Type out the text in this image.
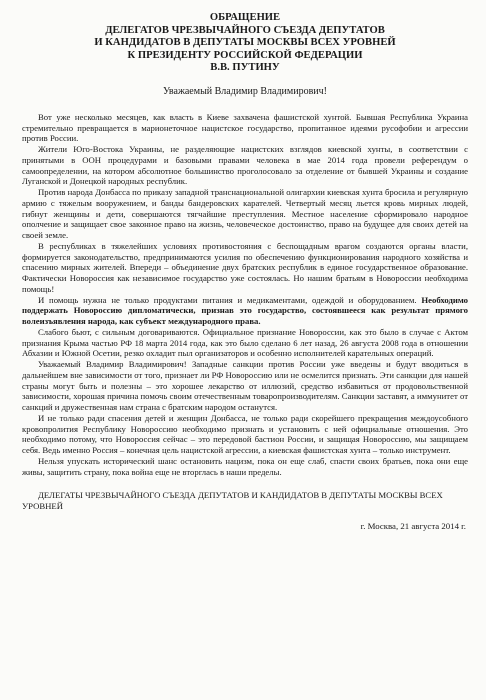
ОБРАЩЕНИЕ

ДЕЛЕГАТОВ ЧРЕЗВЫЧАЙНОГО СЪЕЗДА ДЕПУТАТОВ

И КАНДИДАТОВ В ДЕПУТАТЫ МОСКВЫ ВСЕХ УРОВНЕЙ

К ПРЕЗИДЕНТУ РОССИЙСКОЙ ФЕДЕРАЦИИ

В.В. ПУТИНУ

Уважаемый Владимир Владимирович!

Вот уже несколько месяцев, как власть в Киеве захвачена фашистской хунтой. Бывшая Республика Украина стремительно превращается в марионеточное нацистское государство, пропитанное идеями русофобии и агрессии против России.

Жители Юго-Востока Украины, не разделяющие нацистских взглядов киевской хунты, в соответствии с принятыми в ООН процедурами и базовыми правами человека в мае 2014 года провели референдум о самоопределении, на котором абсолютное большинство проголосовало за отделение от бывшей Украины и создание Луганской и Донецкой народных республик.

Против народа Донбасса по приказу западной транснациональной олигархии киевская хунта бросила и регулярную армию с тяжелым вооружением, и банды бандеровских карателей. Четвертый месяц льется кровь мирных людей, гибнут женщины и дети, совершаются тягчайшие преступления. Местное население сформировало народное ополчение и защищает свое законное право на жизнь, человеческое достоинство, право на будущее для своих детей на своей земле.

В республиках в тяжелейших условиях противостояния с беспощадным врагом создаются органы власти, формируется законодательство, предпринимаются усилия по обеспечению функционирования народного хозяйства и спасению мирных жителей. Впереди – объединение двух братских республик в единое государственное образование. Фактически Новороссия как независимое государство уже состоялась. Но нашим братьям в Новороссии необходима помощь!

И помощь нужна не только продуктами питания и медикаментами, одеждой и оборудованием. Необходимо поддержать Новороссию дипломатически, признав это государство, состоявшееся как результат прямого волеизъявления народа, как субъект международного права.

Слабого бьют, с сильным договариваются. Официальное признание Новороссии, как это было в случае с Актом признания Крыма частью РФ 18 марта 2014 года, как это было сделано 6 лет назад, 26 августа 2008 года в отношении Абхазии и Южной Осетии, резко охладит пыл организаторов и особенно исполнителей карательных операций.

Уважаемый Владимир Владимирович! Западные санкции против России уже введены и будут вводиться в дальнейшем вне зависимости от того, признает ли РФ Новороссию или не осмелится признать. Эти санкции для нашей страны могут быть и полезны – это хорошее лекарство от иллюзий, средство избавиться от продовольственной зависимости, хорошая причина помочь своим отечественным товаропроизводителям. Санкции заставят, а иммунитет от санкций и дружественная нам страна с братским народом останутся.

И не только ради спасения детей и женщин Донбасса, не только ради скорейшего прекращения междоусобного кровопролития Республику Новороссию необходимо признать и установить с ней официальные отношения. Это необходимо потому, что Новороссия сейчас – это передовой бастион России, и защищая Новороссию, мы защищаем себя. Ведь именно Россия – конечная цель нацистской агрессии, а киевская фашистская хунта – только инструмент.

Нельзя упускать исторический шанс остановить нацизм, пока он еще слаб, спасти своих братьев, пока они еще живы, защитить страну, пока война еще не вторглась в наши пределы.

ДЕЛЕГАТЫ ЧРЕЗВЫЧАЙНОГО СЪЕЗДА ДЕПУТАТОВ И КАНДИДАТОВ В ДЕПУТАТЫ МОСКВЫ ВСЕХ УРОВНЕЙ

г. Москва, 21 августа 2014 г.
